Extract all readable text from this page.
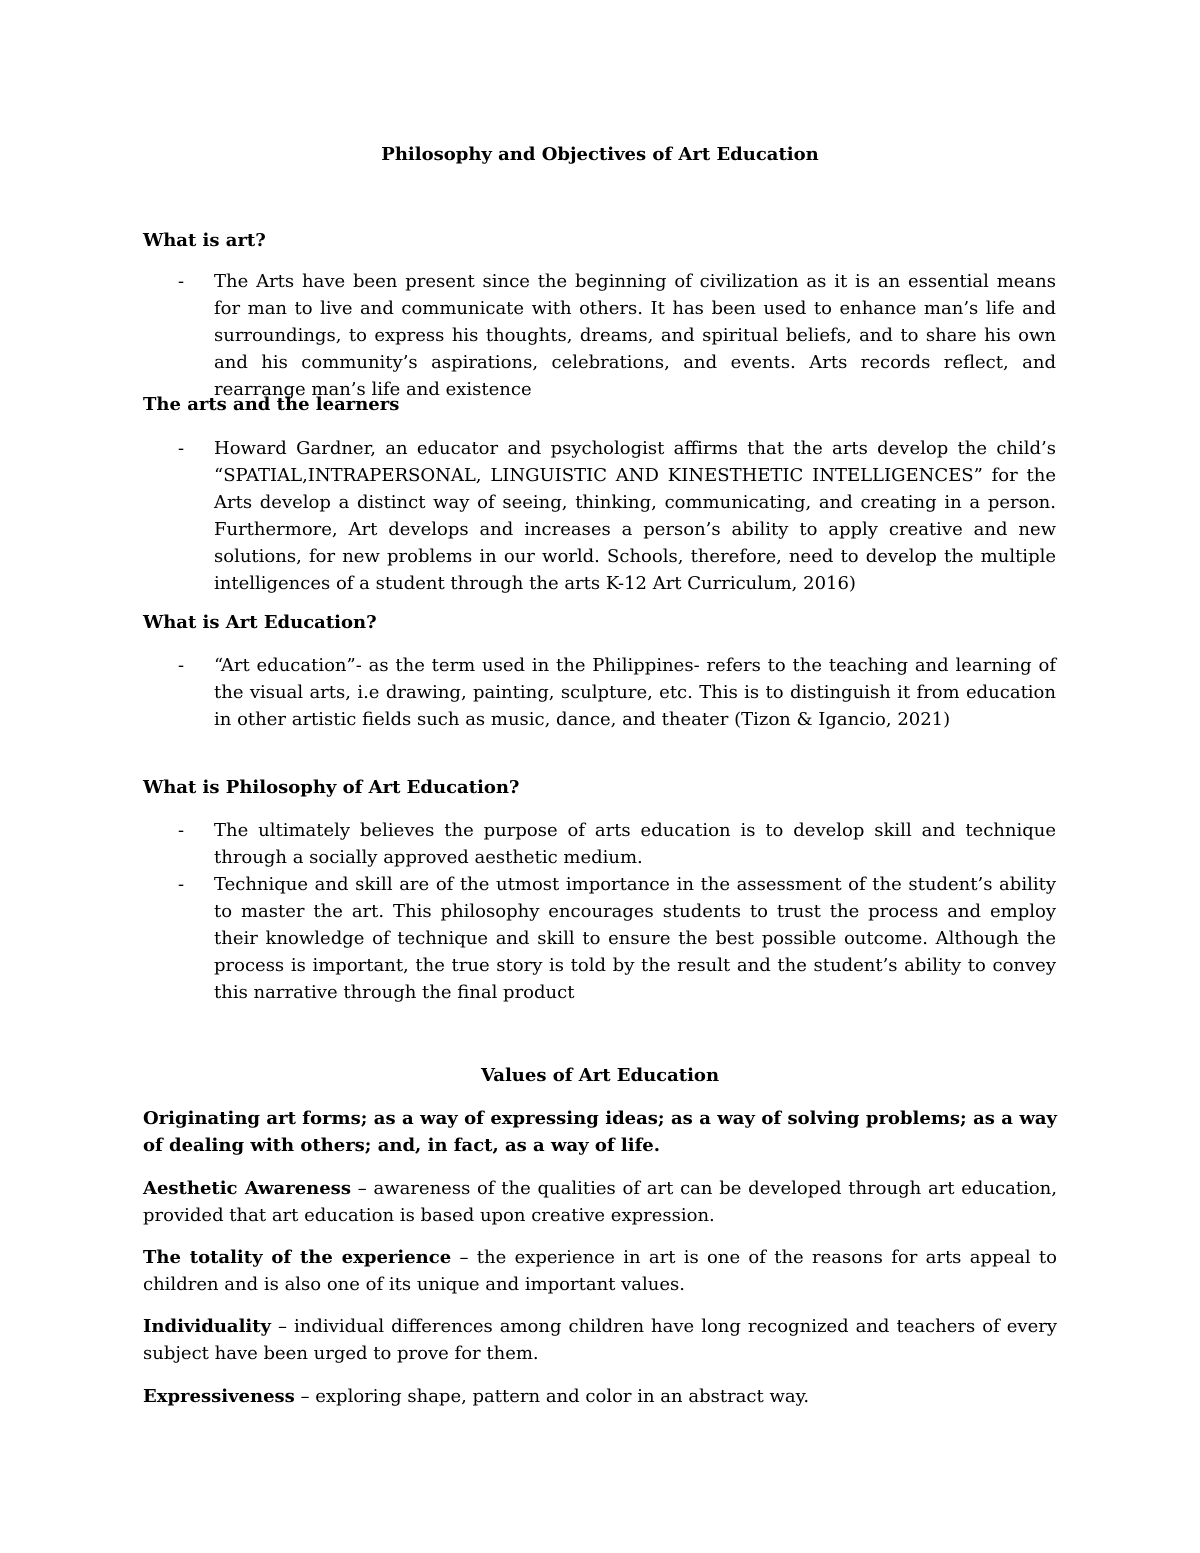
Philosophy and Objectives of Art Education
What is art?
- The Arts have been present since the beginning of civilization as it is an essential means for man to live and communicate with others. It has been used to enhance man’s life and surroundings, to express his thoughts, dreams, and spiritual beliefs, and to share his own and his community’s aspirations, celebrations, and events. Arts records reflect, and rearrange man’s life and existence
The arts and the learners
- Howard Gardner, an educator and psychologist affirms that the arts develop the child’s “SPATIAL,INTRAPERSONAL, LINGUISTIC AND KINESTHETIC INTELLIGENCES” for the Arts develop a distinct way of seeing, thinking, communicating, and creating in a person. Furthermore, Art develops and increases a person’s ability to apply creative and new solutions, for new problems in our world. Schools, therefore, need to develop the multiple intelligences of a student through the arts K-12 Art Curriculum, 2016)
What is Art Education?
- “Art education”- as the term used in the Philippines- refers to the teaching and learning of the visual arts, i.e drawing, painting, sculpture, etc. This is to distinguish it from education in other artistic fields such as music, dance, and theater (Tizon & Igancio, 2021)
What is Philosophy of Art Education?
- The ultimately believes the purpose of arts education is to develop skill and technique through a socially approved aesthetic medium.
- Technique and skill are of the utmost importance in the assessment of the student’s ability to master the art. This philosophy encourages students to trust the process and employ their knowledge of technique and skill to ensure the best possible outcome. Although the process is important, the true story is told by the result and the student’s ability to convey this narrative through the final product
Values of Art Education
Originating art forms; as a way of expressing ideas; as a way of solving problems; as a way of dealing with others; and, in fact, as a way of life.
Aesthetic Awareness – awareness of the qualities of art can be developed through art education, provided that art education is based upon creative expression.
The totality of the experience – the experience in art is one of the reasons for arts appeal to children and is also one of its unique and important values.
Individuality – individual differences among children have long recognized and teachers of every subject have been urged to prove for them.
Expressiveness – exploring shape, pattern and color in an abstract way.
